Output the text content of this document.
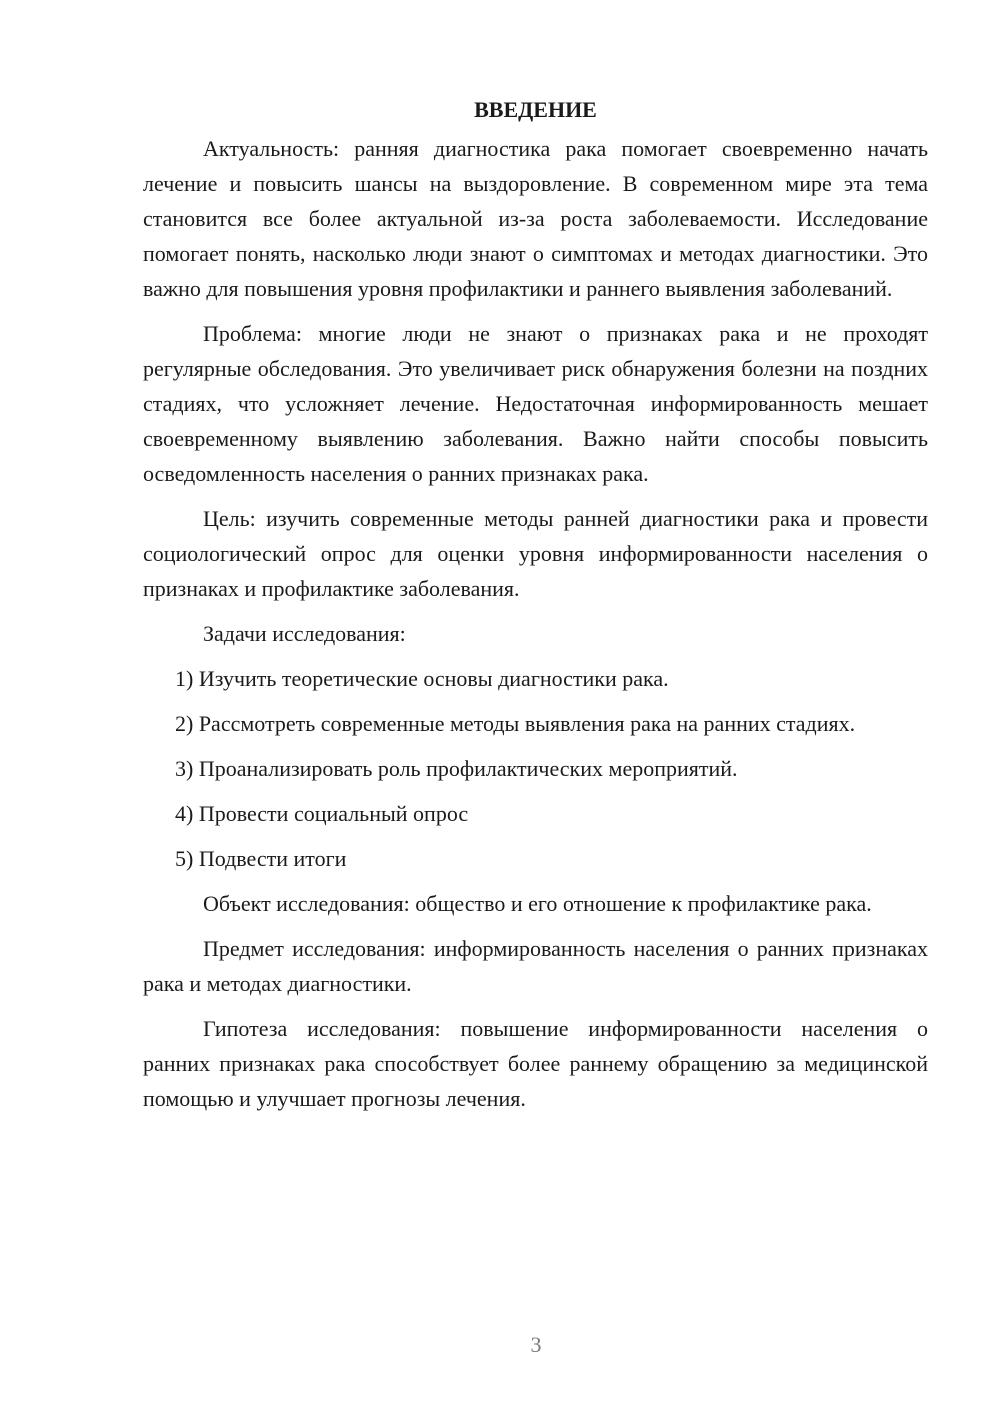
ВВЕДЕНИЕ

Актуальность: ранняя диагностика рака помогает своевременно начать лечение и повысить шансы на выздоровление. В современном мире эта тема становится все более актуальной из-за роста заболеваемости. Исследование помогает понять, насколько люди знают о симптомах и методах диагностики. Это важно для повышения уровня профилактики и раннего выявления заболеваний.

Проблема: многие люди не знают о признаках рака и не проходят регулярные обследования. Это увеличивает риск обнаружения болезни на поздних стадиях, что усложняет лечение. Недостаточная информированность мешает своевременному выявлению заболевания. Важно найти способы повысить осведомленность населения о ранних признаках рака.

Цель: изучить современные методы ранней диагностики рака и провести социологический опрос для оценки уровня информированности населения о признаках и профилактике заболевания.

Задачи исследования:

1) Изучить теоретические основы диагностики рака.

2) Рассмотреть современные методы выявления рака на ранних стадиях.

3) Проанализировать роль профилактических мероприятий.

4) Провести социальный опрос

5) Подвести итоги

Объект исследования: общество и его отношение к профилактике рака.

Предмет исследования: информированность населения о ранних признаках рака и методах диагностики.

Гипотеза исследования: повышение информированности населения о ранних признаках рака способствует более раннему обращению за медицинской помощью и улучшает прогнозы лечения.

3
